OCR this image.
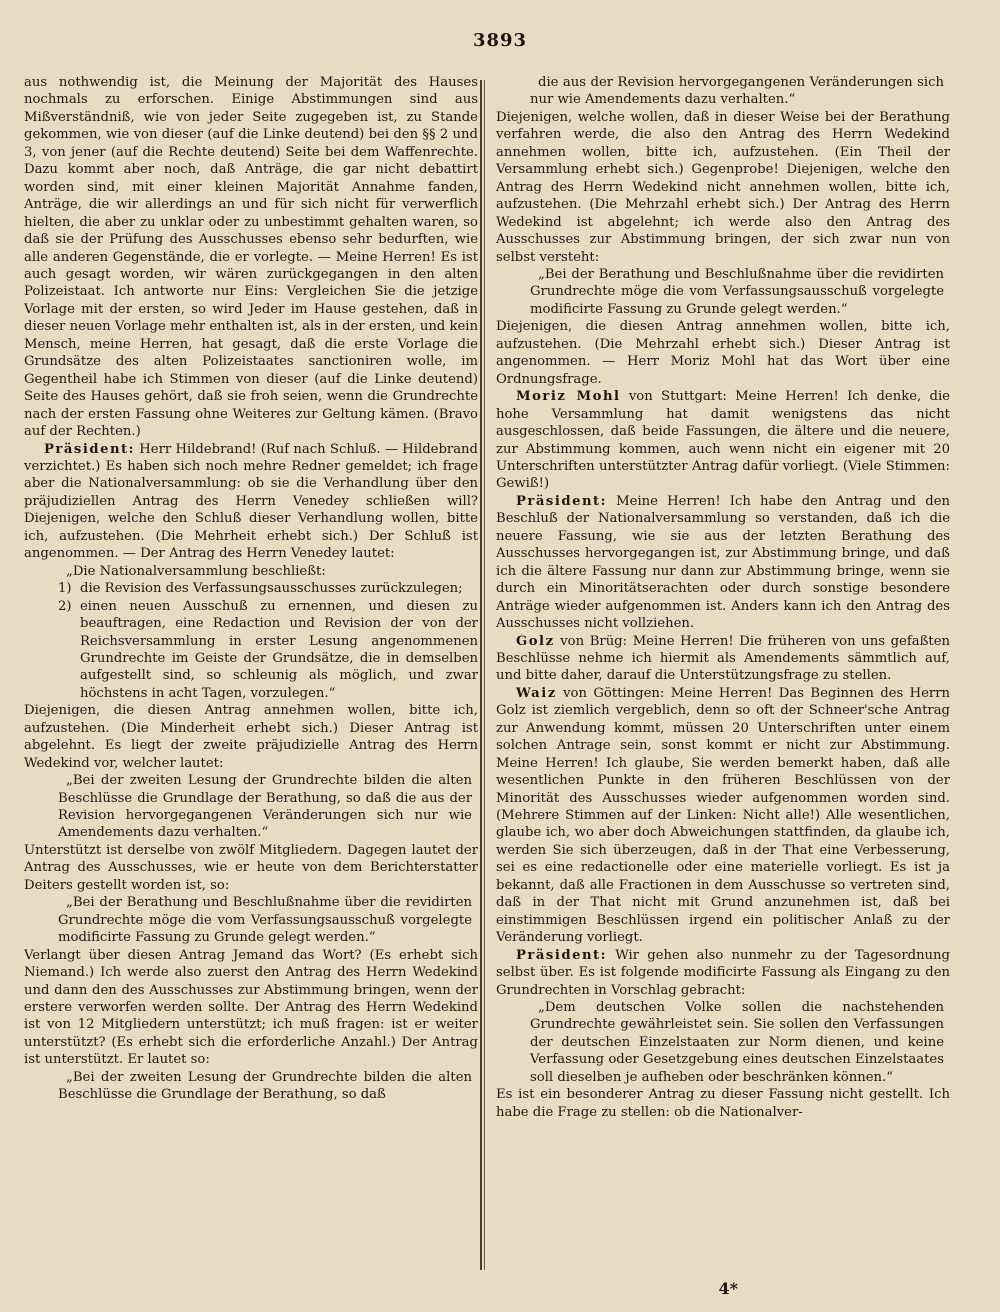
3893

aus nothwendig ist, die Meinung der Majorität des Hauses nochmals zu erforschen. Einige Abstimmungen sind aus Mißverständniß, wie von jeder Seite zugegeben ist, zu Stande gekommen, wie von dieser (auf die Linke deutend) bei den §§ 2 und 3, von jener (auf die Rechte deutend) Seite bei dem Waffenrechte. Dazu kommt aber noch, daß Anträge, die gar nicht debattirt worden sind, mit einer kleinen Majorität Annahme fanden, Anträge, die wir allerdings an und für sich nicht für verwerflich hielten, die aber zu unklar oder zu unbestimmt gehalten waren, so daß sie der Prüfung des Ausschusses ebenso sehr bedurften, wie alle anderen Gegenstände, die er vorlegte. — Meine Herren! Es ist auch gesagt worden, wir wären zurückgegangen in den alten Polizeistaat. Ich antworte nur Eins: Vergleichen Sie die jetzige Vorlage mit der ersten, so wird Jeder im Hause gestehen, daß in dieser neuen Vorlage mehr enthalten ist, als in der ersten, und kein Mensch, meine Herren, hat gesagt, daß die erste Vorlage die Grundsätze des alten Polizeistaates sanctioniren wolle, im Gegentheil habe ich Stimmen von dieser (auf die Linke deutend) Seite des Hauses gehört, daß sie froh seien, wenn die Grundrechte nach der ersten Fassung ohne Weiteres zur Geltung kämen. (Bravo auf der Rechten.)

Präsident: Herr Hildebrand! (Ruf nach Schluß. — Hildebrand verzichtet.) Es haben sich noch mehre Redner gemeldet; ich frage aber die Nationalversammlung: ob sie die Verhandlung über den präjudiziellen Antrag des Herrn Venedey schließen will? Diejenigen, welche den Schluß dieser Verhandlung wollen, bitte ich, aufzustehen. (Die Mehrheit erhebt sich.) Der Schluß ist angenommen. — Der Antrag des Herrn Venedey lautet:

„Die Nationalversammlung beschließt:

1) die Revision des Verfassungsausschusses zurückzulegen;
2) einen neuen Ausschuß zu ernennen, und diesen zu beauftragen, eine Redaction und Revision der von der Reichsversammlung in erster Lesung angenommenen Grundrechte im Geiste der Grundsätze, die in demselben aufgestellt sind, so schleunig als möglich, und zwar höchstens in acht Tagen, vorzulegen.“

Diejenigen, die diesen Antrag annehmen wollen, bitte ich, aufzustehen. (Die Minderheit erhebt sich.) Dieser Antrag ist abgelehnt. Es liegt der zweite präjudizielle Antrag des Herrn Wedekind vor, welcher lautet:

„Bei der zweiten Lesung der Grundrechte bilden die alten Beschlüsse die Grundlage der Berathung, so daß die aus der Revision hervorgegangenen Veränderungen sich nur wie Amendements dazu verhalten.“

Unterstützt ist derselbe von zwölf Mitgliedern. Dagegen lautet der Antrag des Ausschusses, wie er heute von dem Berichterstatter Deiters gestellt worden ist, so:

„Bei der Berathung und Beschlußnahme über die revidirten Grundrechte möge die vom Verfassungsausschuß vorgelegte modificirte Fassung zu Grunde gelegt werden.“

Verlangt über diesen Antrag Jemand das Wort? (Es erhebt sich Niemand.) Ich werde also zuerst den Antrag des Herrn Wedekind und dann den des Ausschusses zur Abstimmung bringen, wenn der erstere verworfen werden sollte. Der Antrag des Herrn Wedekind ist von 12 Mitgliedern unterstützt; ich muß fragen: ist er weiter unterstützt? (Es erhebt sich die erforderliche Anzahl.) Der Antrag ist unterstützt. Er lautet so:

„Bei der zweiten Lesung der Grundrechte bilden die alten Beschlüsse die Grundlage der Berathung, so daß

die aus der Revision hervorgegangenen Veränderungen sich nur wie Amendements dazu verhalten.“

Diejenigen, welche wollen, daß in dieser Weise bei der Berathung verfahren werde, die also den Antrag des Herrn Wedekind annehmen wollen, bitte ich, aufzustehen. (Ein Theil der Versammlung erhebt sich.) Gegenprobe! Diejenigen, welche den Antrag des Herrn Wedekind nicht annehmen wollen, bitte ich, aufzustehen. (Die Mehrzahl erhebt sich.) Der Antrag des Herrn Wedekind ist abgelehnt; ich werde also den Antrag des Ausschusses zur Abstimmung bringen, der sich zwar nun von selbst versteht:

„Bei der Berathung und Beschlußnahme über die revidirten Grundrechte möge die vom Verfassungsausschuß vorgelegte modificirte Fassung zu Grunde gelegt werden.“

Diejenigen, die diesen Antrag annehmen wollen, bitte ich, aufzustehen. (Die Mehrzahl erhebt sich.) Dieser Antrag ist angenommen. — Herr Moriz Mohl hat das Wort über eine Ordnungsfrage.

Moriz Mohl von Stuttgart: Meine Herren! Ich denke, die hohe Versammlung hat damit wenigstens das nicht ausgeschlossen, daß beide Fassungen, die ältere und die neuere, zur Abstimmung kommen, auch wenn nicht ein eigener mit 20 Unterschriften unterstützter Antrag dafür vorliegt. (Viele Stimmen: Gewiß!)

Präsident: Meine Herren! Ich habe den Antrag und den Beschluß der Nationalversammlung so verstanden, daß ich die neuere Fassung, wie sie aus der letzten Berathung des Ausschusses hervorgegangen ist, zur Abstimmung bringe, und daß ich die ältere Fassung nur dann zur Abstimmung bringe, wenn sie durch ein Minoritätserachten oder durch sonstige besondere Anträge wieder aufgenommen ist. Anders kann ich den Antrag des Ausschusses nicht vollziehen.

Golz von Brüg: Meine Herren! Die früheren von uns gefaßten Beschlüsse nehme ich hiermit als Amendements sämmtlich auf, und bitte daher, darauf die Unterstützungsfrage zu stellen.

Waiz von Göttingen: Meine Herren! Das Beginnen des Herrn Golz ist ziemlich vergeblich, denn so oft der Schneer'sche Antrag zur Anwendung kommt, müssen 20 Unterschriften unter einem solchen Antrage sein, sonst kommt er nicht zur Abstimmung. Meine Herren! Ich glaube, Sie werden bemerkt haben, daß alle wesentlichen Punkte in den früheren Beschlüssen von der Minorität des Ausschusses wieder aufgenommen worden sind. (Mehrere Stimmen auf der Linken: Nicht alle!) Alle wesentlichen, glaube ich, wo aber doch Abweichungen stattfinden, da glaube ich, werden Sie sich überzeugen, daß in der That eine Verbesserung, sei es eine redactionelle oder eine materielle vorliegt. Es ist ja bekannt, daß alle Fractionen in dem Ausschusse so vertreten sind, daß in der That nicht mit Grund anzunehmen ist, daß bei einstimmigen Beschlüssen irgend ein politischer Anlaß zu der Veränderung vorliegt.

Präsident: Wir gehen also nunmehr zu der Tagesordnung selbst über. Es ist folgende modificirte Fassung als Eingang zu den Grundrechten in Vorschlag gebracht:

„Dem deutschen Volke sollen die nachstehenden Grundrechte gewährleistet sein. Sie sollen den Verfassungen der deutschen Einzelstaaten zur Norm dienen, und keine Verfassung oder Gesetzgebung eines deutschen Einzelstaates soll dieselben je aufheben oder beschränken können.“

Es ist ein besonderer Antrag zu dieser Fassung nicht gestellt. Ich habe die Frage zu stellen: ob die Nationalver-

4*
